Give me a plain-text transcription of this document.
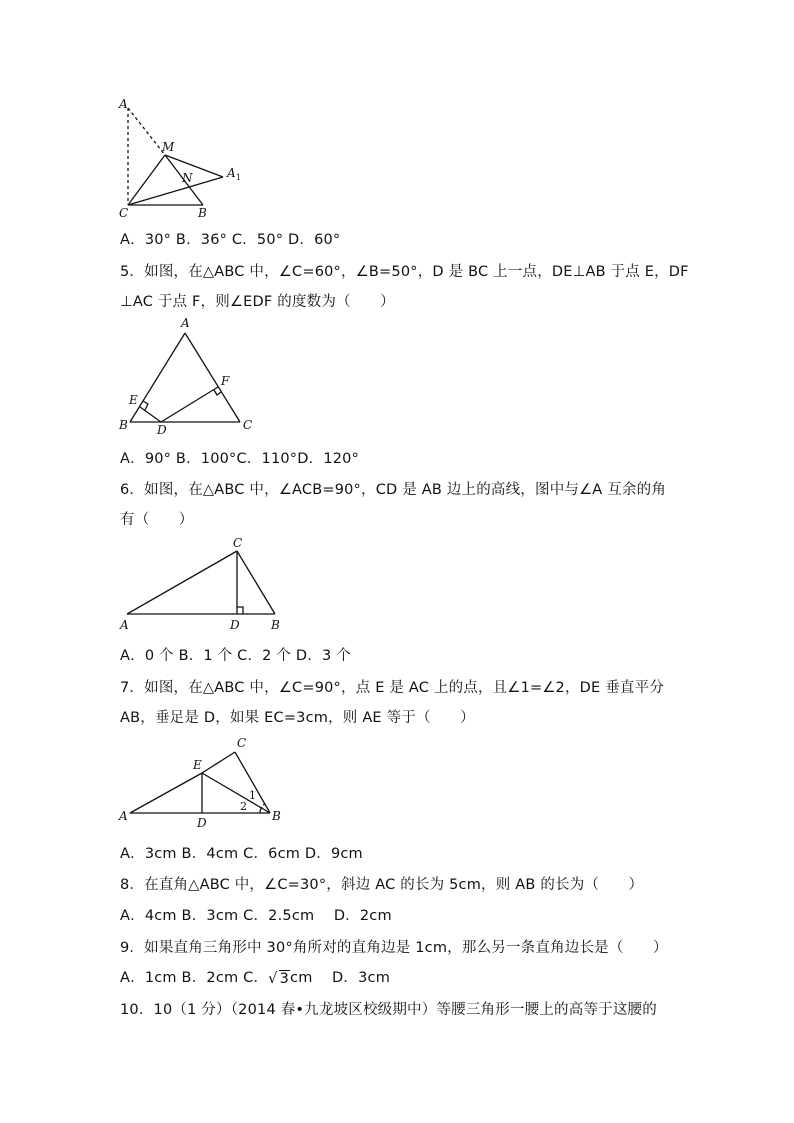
A
M
N	A 1
C	B
A．30° B．36° C．50° D．60°
5．如图，在△ABC 中，∠C=60°，∠B=50°，D 是 BC 上一点，DE⊥AB 于点 E，DF
⊥AC 于点 F，则∠EDF 的度数为（　　）
A
E
F
B D	C
A．90° B．100°C．110°D．120°
6．如图，在△ABC 中，∠ACB=90°，CD 是 AB 边上的高线，图中与∠A 互余的角
有（　　）
C
A	D	B
A．0 个 B．1 个 C．2 个 D．3 个
7．如图，在△ABC 中，∠C=90°，点 E 是 AC 上的点，且∠1=∠2，DE 垂直平分
AB，垂足是 D，如果 EC=3cm，则 AE 等于（　　）
C
E
A	D	B
1
2
A．3cm B．4cm C．6cm D．9cm
8．在直角△ABC 中，∠C=30°，斜边 AC 的长为 5cm，则 AB 的长为（　　）
A．4cm B．3cm C．2.5cm　 D．2cm
9．如果直角三角形中 30°角所对的直角边是 1cm，那么另一条直角边长是（　　）
A．1cm B．2cm C．√ 3cm　 D．3cm
10．10（1 分）（2014 春•九龙坡区校级期中）等腰三角形一腰上的高等于这腰的
